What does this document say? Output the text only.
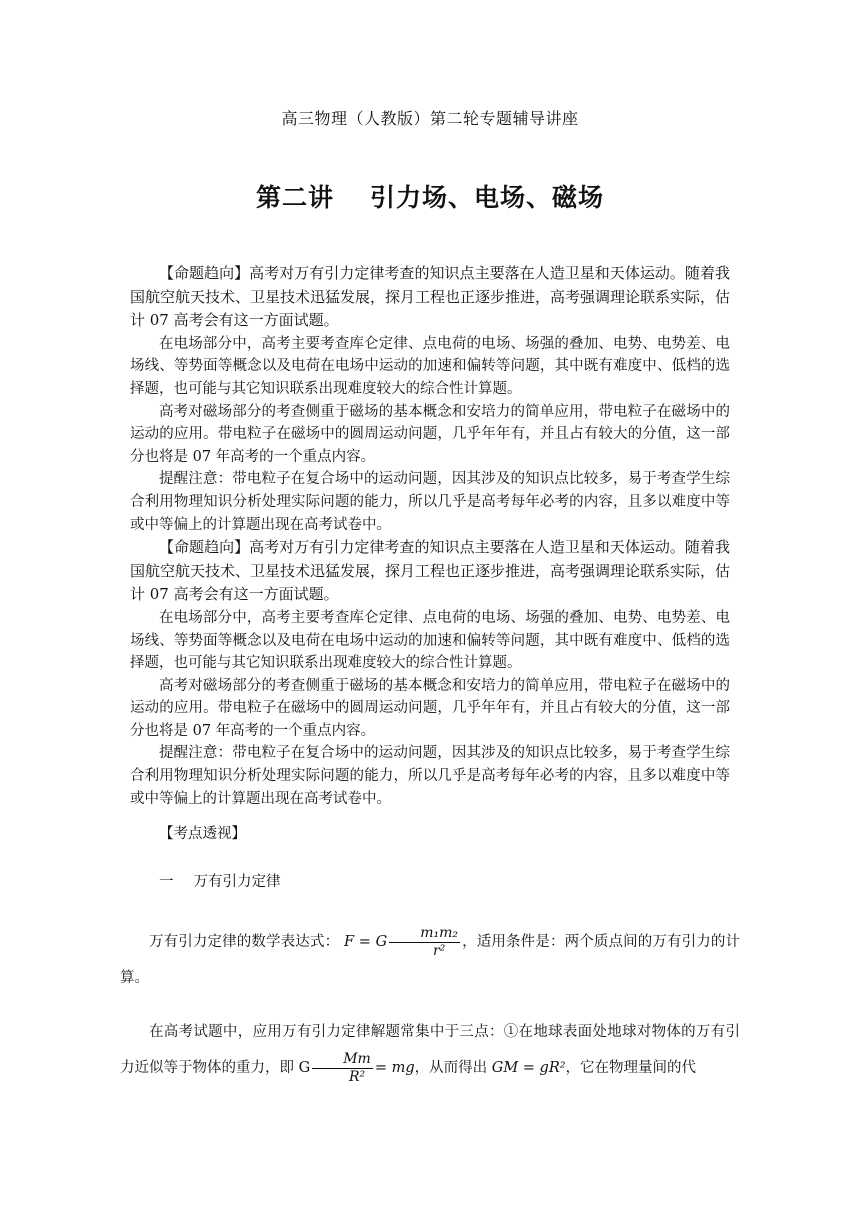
高三物理（人教版）第二轮专题辅导讲座
第二讲 引力场、电场、磁场

【命题趋向】高考对万有引力定律考查的知识点主要落在人造卫星和天体运动。随着我国航空航天技术、卫星技术迅猛发展，探月工程也正逐步推进，高考强调理论联系实际，估计 07 高考会有这一方面试题。

在电场部分中，高考主要考查库仑定律、点电荷的电场、场强的叠加、电势、电势差、电场线、等势面等概念以及电荷在电场中运动的加速和偏转等问题，其中既有难度中、低档的选择题，也可能与其它知识联系出现难度较大的综合性计算题。

高考对磁场部分的考查侧重于磁场的基本概念和安培力的简单应用，带电粒子在磁场中的运动的应用。带电粒子在磁场中的圆周运动问题，几乎年年有，并且占有较大的分值，这一部分也将是 07 年高考的一个重点内容。

提醒注意：带电粒子在复合场中的运动问题，因其涉及的知识点比较多，易于考查学生综合利用物理知识分析处理实际问题的能力，所以几乎是高考每年必考的内容，且多以难度中等或中等偏上的计算题出现在高考试卷中。

【命题趋向】高考对万有引力定律考查的知识点主要落在人造卫星和天体运动。随着我国航空航天技术、卫星技术迅猛发展，探月工程也正逐步推进，高考强调理论联系实际，估计 07 高考会有这一方面试题。

在电场部分中，高考主要考查库仑定律、点电荷的电场、场强的叠加、电势、电势差、电场线、等势面等概念以及电荷在电场中运动的加速和偏转等问题，其中既有难度中、低档的选择题，也可能与其它知识联系出现难度较大的综合性计算题。

高考对磁场部分的考查侧重于磁场的基本概念和安培力的简单应用，带电粒子在磁场中的运动的应用。带电粒子在磁场中的圆周运动问题，几乎年年有，并且占有较大的分值，这一部分也将是 07 年高考的一个重点内容。

提醒注意：带电粒子在复合场中的运动问题，因其涉及的知识点比较多，易于考查学生综合利用物理知识分析处理实际问题的能力，所以几乎是高考每年必考的内容，且多以难度中等或中等偏上的计算题出现在高考试卷中。

【考点透视】
一 万有引力定律
万有引力定律的数学表达式： F = G $\frac{\text{m₁m₂}}{\text{r²}}$ ，适用条件是：两个质点间的万有引力的计算。
在高考试题中，应用万有引力定律解题常集中于三点：①在地球表面处地球对物体的万有引力近似等于物体的重力，即 G $\frac{Mm}{\text{R²}}$ = mg，从而得出 GM = gR²，它在物理量间的代
